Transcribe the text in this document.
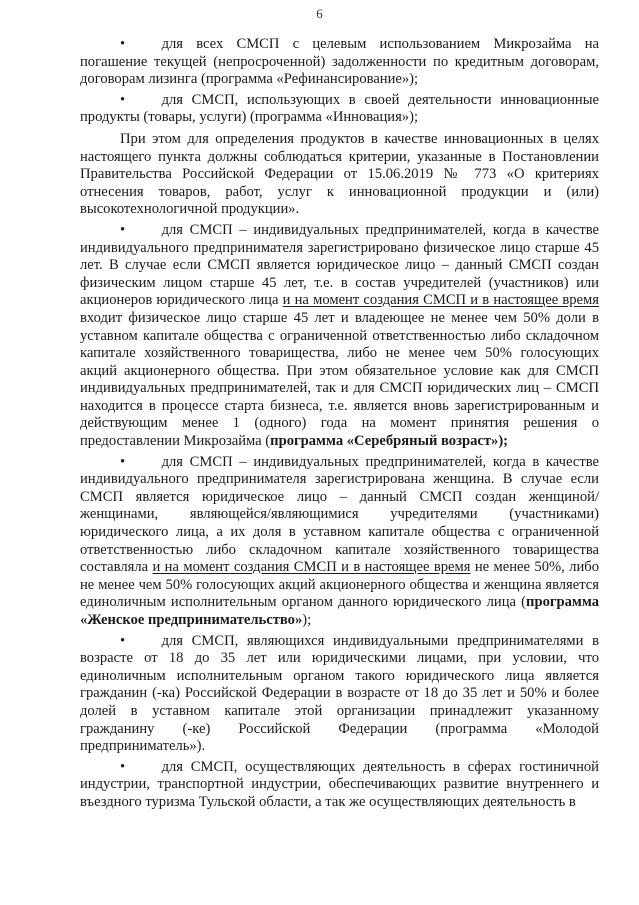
6

•    для всех СМСП с целевым использованием Микрозайма на погашение текущей (непросроченной) задолженности по кредитным договорам, договорам лизинга (программа «Рефинансирование»);

•    для СМСП, использующих в своей деятельности инновационные продукты (товары, услуги) (программа «Инновация»);

При этом для определения продуктов в качестве инновационных в целях настоящего пункта должны соблюдаться критерии, указанные в Постановлении Правительства Российской Федерации от 15.06.2019 № 773 «О критериях отнесения товаров, работ, услуг к инновационной продукции и (или) высокотехнологичной продукции».

•    для СМСП – индивидуальных предпринимателей, когда в качестве индивидуального предпринимателя зарегистрировано физическое лицо старше 45 лет. В случае если СМСП является юридическое лицо – данный СМСП создан физическим лицом старше 45 лет, т.е. в состав учредителей (участников) или акционеров юридического лица и на момент создания СМСП и в настоящее время входит физическое лицо старше 45 лет и владеющее не менее чем 50% доли в уставном капитале общества с ограниченной ответственностью либо складочном капитале хозяйственного товарищества, либо не менее чем 50% голосующих акций акционерного общества. При этом обязательное условие как для СМСП индивидуальных предпринимателей, так и для СМСП юридических лиц – СМСП находится в процессе старта бизнеса, т.е. является вновь зарегистрированным и действующим менее 1 (одного) года на момент принятия решения о предоставлении Микрозайма (программа «Серебряный возраст»);

•    для СМСП – индивидуальных предпринимателей, когда в качестве индивидуального предпринимателя зарегистрирована женщина. В случае если СМСП является юридическое лицо – данный СМСП создан женщиной/женщинами, являющейся/являющимися учредителями (участниками) юридического лица, а их доля в уставном капитале общества с ограниченной ответственностью либо складочном капитале хозяйственного товарищества составляла и на момент создания СМСП и в настоящее время не менее 50%, либо не менее чем 50% голосующих акций акционерного общества и женщина является единоличным исполнительным органом данного юридического лица (программа «Женское предпринимательство»);

•    для СМСП, являющихся индивидуальными предпринимателями в возрасте от 18 до 35 лет или юридическими лицами, при условии, что единоличным исполнительным органом такого юридического лица является гражданин (-ка) Российской Федерации в возрасте от 18 до 35 лет и 50% и более долей в уставном капитале этой организации принадлежит указанному гражданину (-ке) Российской Федерации (программа «Молодой предприниматель»).

•    для СМСП, осуществляющих деятельность в сферах гостиничной индустрии, транспортной индустрии, обеспечивающих развитие внутреннего и въездного туризма Тульской области, а так же осуществляющих деятельность в
